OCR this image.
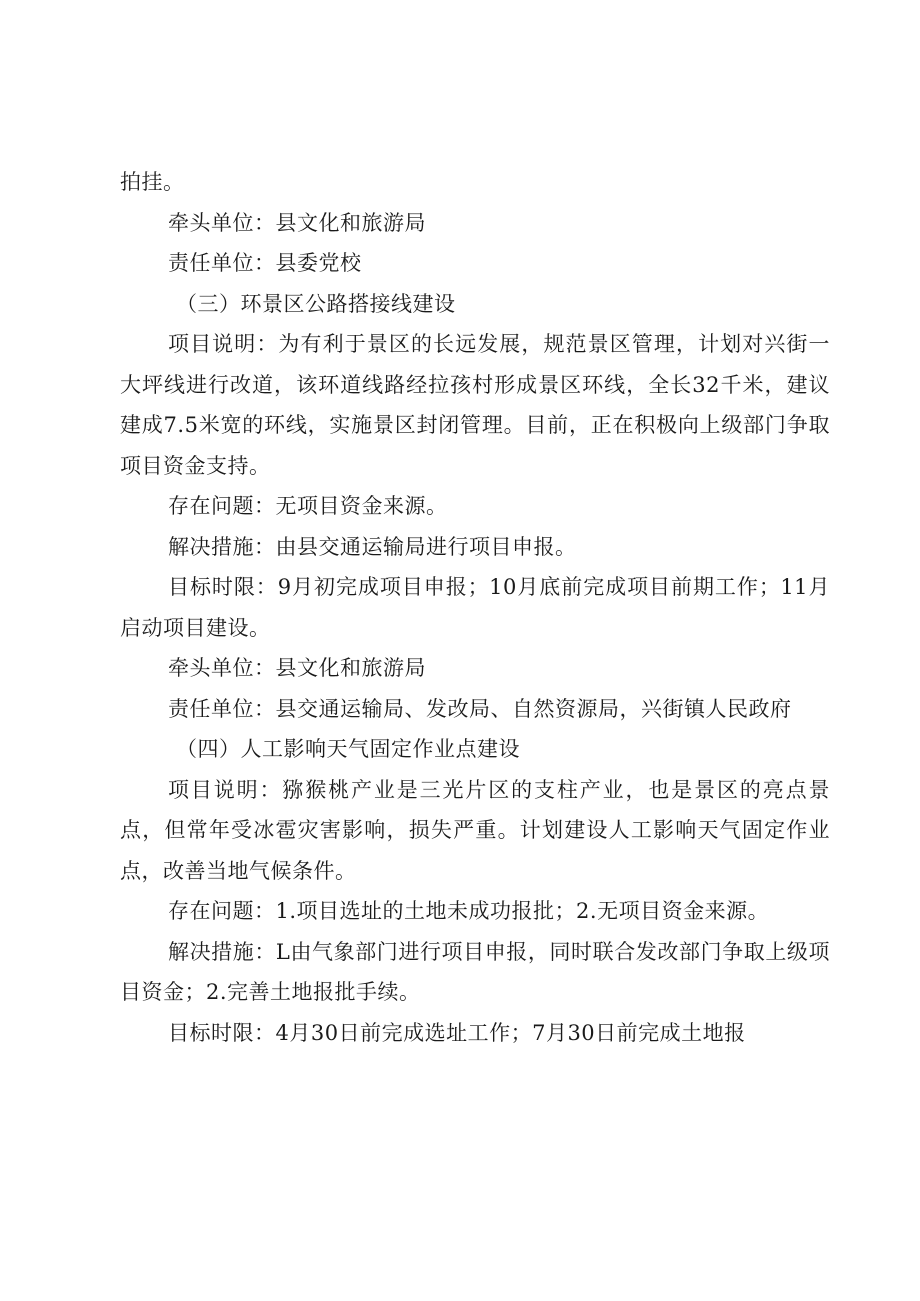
拍挂。

牵头单位：县文化和旅游局

责任单位：县委党校

（三）环景区公路搭接线建设

项目说明：为有利于景区的长远发展，规范景区管理，计划对兴街一大坪线进行改道，该环道线路经拉孩村形成景区环线，全长32千米，建议建成7.5米宽的环线，实施景区封闭管理。目前，正在积极向上级部门争取项目资金支持。

存在问题：无项目资金来源。

解决措施：由县交通运输局进行项目申报。

目标时限：9月初完成项目申报；10月底前完成项目前期工作；11月启动项目建设。

牵头单位：县文化和旅游局

责任单位：县交通运输局、发改局、自然资源局，兴街镇人民政府

（四）人工影响天气固定作业点建设

项目说明：猕猴桃产业是三光片区的支柱产业，也是景区的亮点景点，但常年受冰雹灾害影响，损失严重。计划建设人工影响天气固定作业点，改善当地气候条件。

存在问题：1.项目选址的土地未成功报批；2.无项目资金来源。

解决措施：L由气象部门进行项目申报，同时联合发改部门争取上级项目资金；2.完善土地报批手续。

目标时限：4月30日前完成选址工作；7月30日前完成土地报
